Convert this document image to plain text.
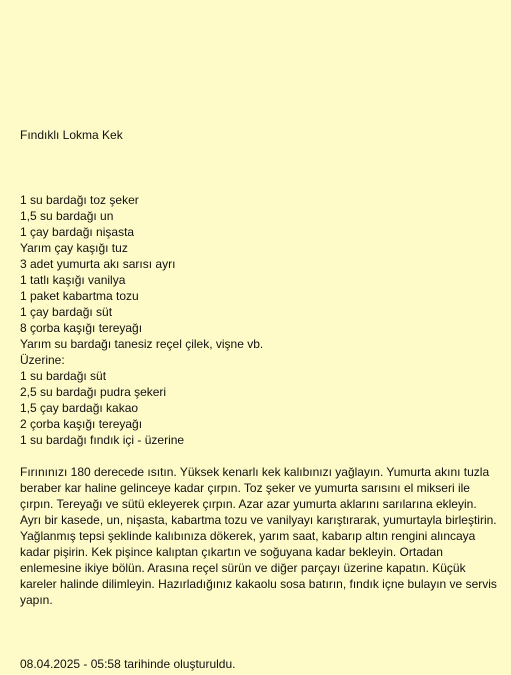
Fındıklı Lokma Kek
1 su bardağı toz şeker
1,5 su bardağı un
1 çay bardağı nişasta
Yarım çay kaşığı tuz
3 adet yumurta akı sarısı ayrı
1 tatlı kaşığı vanilya
1 paket kabartma tozu
1 çay bardağı süt
8 çorba kaşığı tereyağı
Yarım su bardağı tanesiz reçel çilek, vişne vb.
Üzerine:
1 su bardağı süt
2,5 su bardağı pudra şekeri
1,5 çay bardağı kakao
2 çorba kaşığı tereyağı
1 su bardağı fındık içi - üzerine

Fırınınızı 180 derecede ısıtın. Yüksek kenarlı kek kalıbınızı yağlayın. Yumurta akını tuzla beraber kar haline gelinceye kadar çırpın. Toz şeker ve yumurta sarısını el mikseri ile çırpın. Tereyağı ve sütü ekleyerek çırpın. Azar azar yumurta aklarını sarılarına ekleyin. Ayrı bir kasede, un, nişasta, kabartma tozu ve vanilyayı karıştırarak, yumurtayla birleştirin. Yağlanmış tepsi şeklinde kalıbınıza dökerek, yarım saat, kabarıp altın rengini alıncaya kadar pişirin. Kek pişince kalıptan çıkartın ve soğuyana kadar bekleyin. Ortadan enlemesine ikiye bölün. Arasına reçel sürün ve diğer parçayı üzerine kapatın. Küçük kareler halinde dilimleyin. Hazırladığınız kakaolu sosa batırın, fındık içne bulayın ve servis yapın.

08.04.2025 - 05:58 tarihinde oluşturuldu.
